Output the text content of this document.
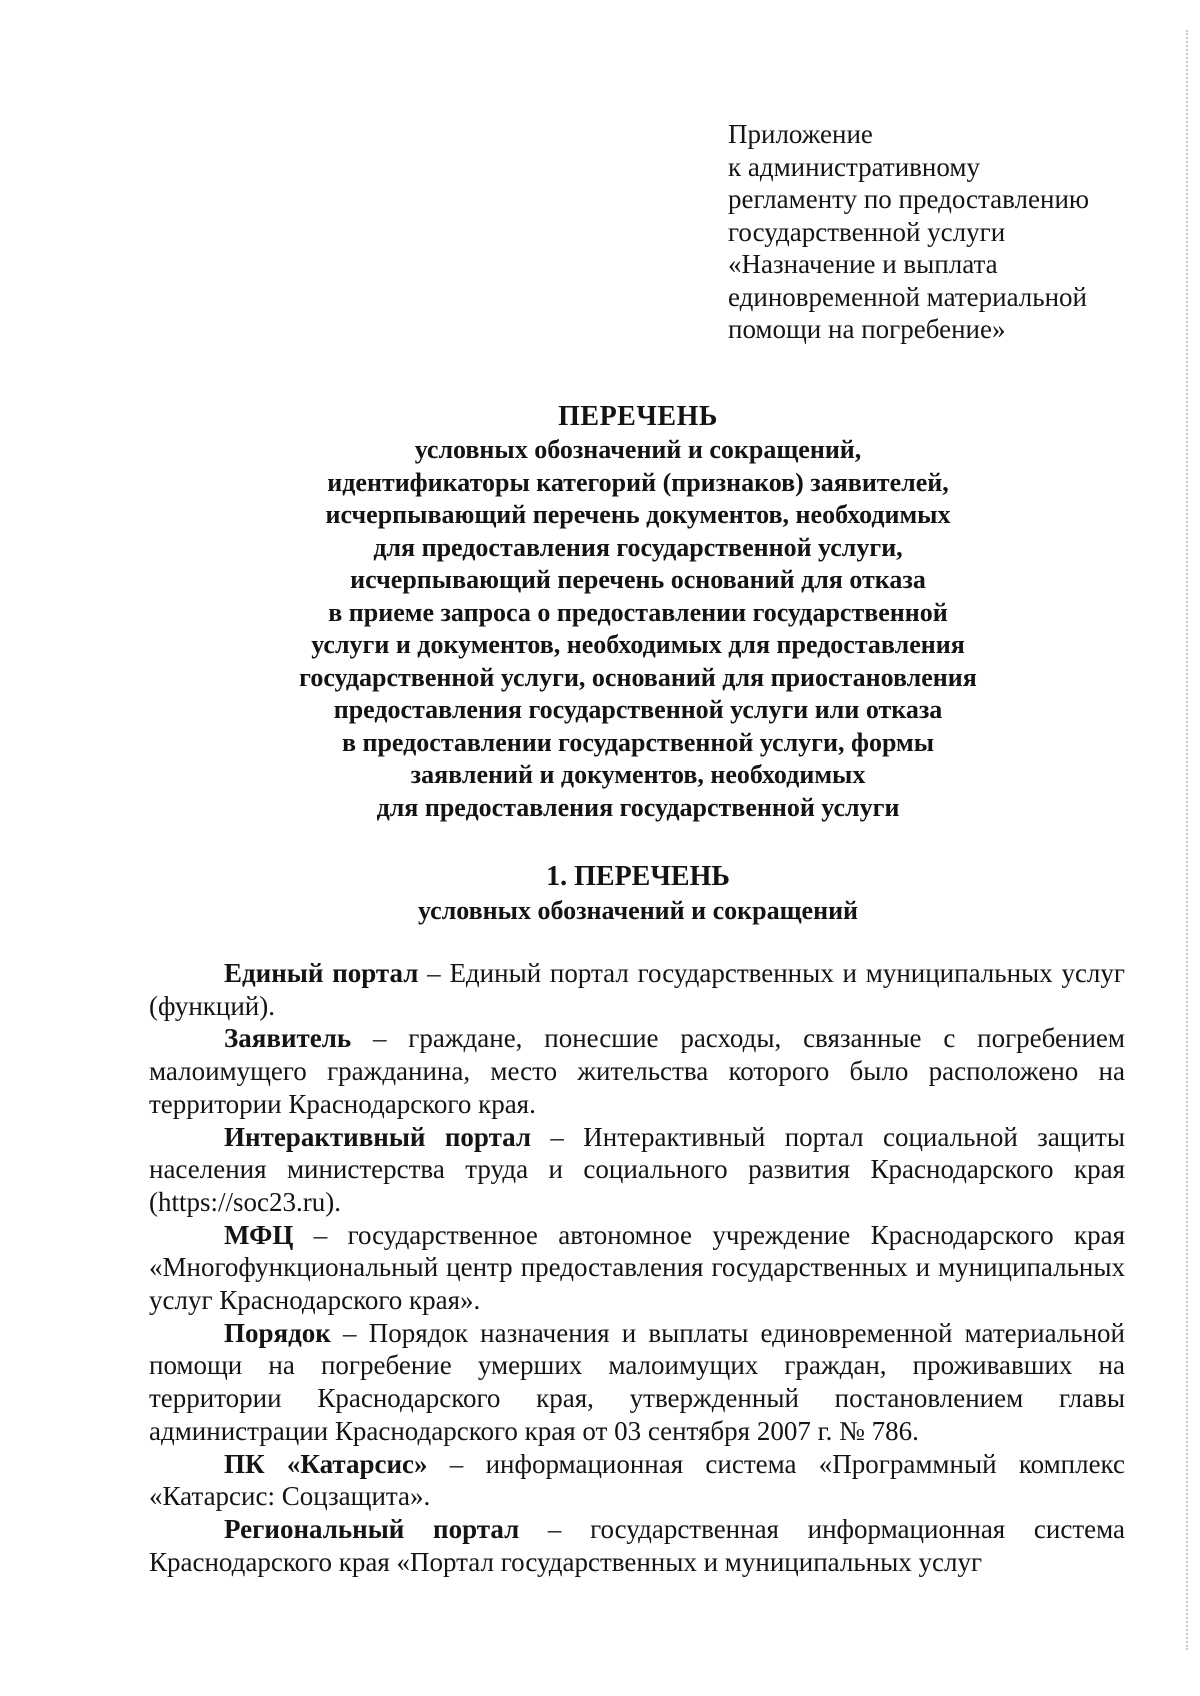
Приложение
к административному
регламенту по предоставлению
государственной услуги
«Назначение и выплата
единовременной материальной
помощи на погребение»
ПЕРЕЧЕНЬ
условных обозначений и сокращений,
идентификаторы категорий (признаков) заявителей,
исчерпывающий перечень документов, необходимых
для предоставления государственной услуги,
исчерпывающий перечень оснований для отказа
в приеме запроса о предоставлении государственной
услуги и документов, необходимых для предоставления
государственной услуги, оснований для приостановления
предоставления государственной услуги или отказа
в предоставлении государственной услуги, формы
заявлений и документов, необходимых
для предоставления государственной услуги
1. ПЕРЕЧЕНЬ
условных обозначений и сокращений

Единый портал – Единый портал государственных и муниципальных услуг (функций).

Заявитель – граждане, понесшие расходы, связанные с погребением малоимущего гражданина, место жительства которого было расположено на территории Краснодарского края.

Интерактивный портал – Интерактивный портал социальной защиты населения министерства труда и социального развития Краснодарского края (https://soc23.ru).

МФЦ – государственное автономное учреждение Краснодарского края «Многофункциональный центр предоставления государственных и муниципальных услуг Краснодарского края».

Порядок – Порядок назначения и выплаты единовременной материальной помощи на погребение умерших малоимущих граждан, проживавших на территории Краснодарского края, утвержденный постановлением главы администрации Краснодарского края от 03 сентября 2007 г. № 786.

ПК «Катарсис» – информационная система «Программный комплекс «Катарсис: Соцзащита».

Региональный портал – государственная информационная система Краснодарского края «Портал государственных и муниципальных услуг
